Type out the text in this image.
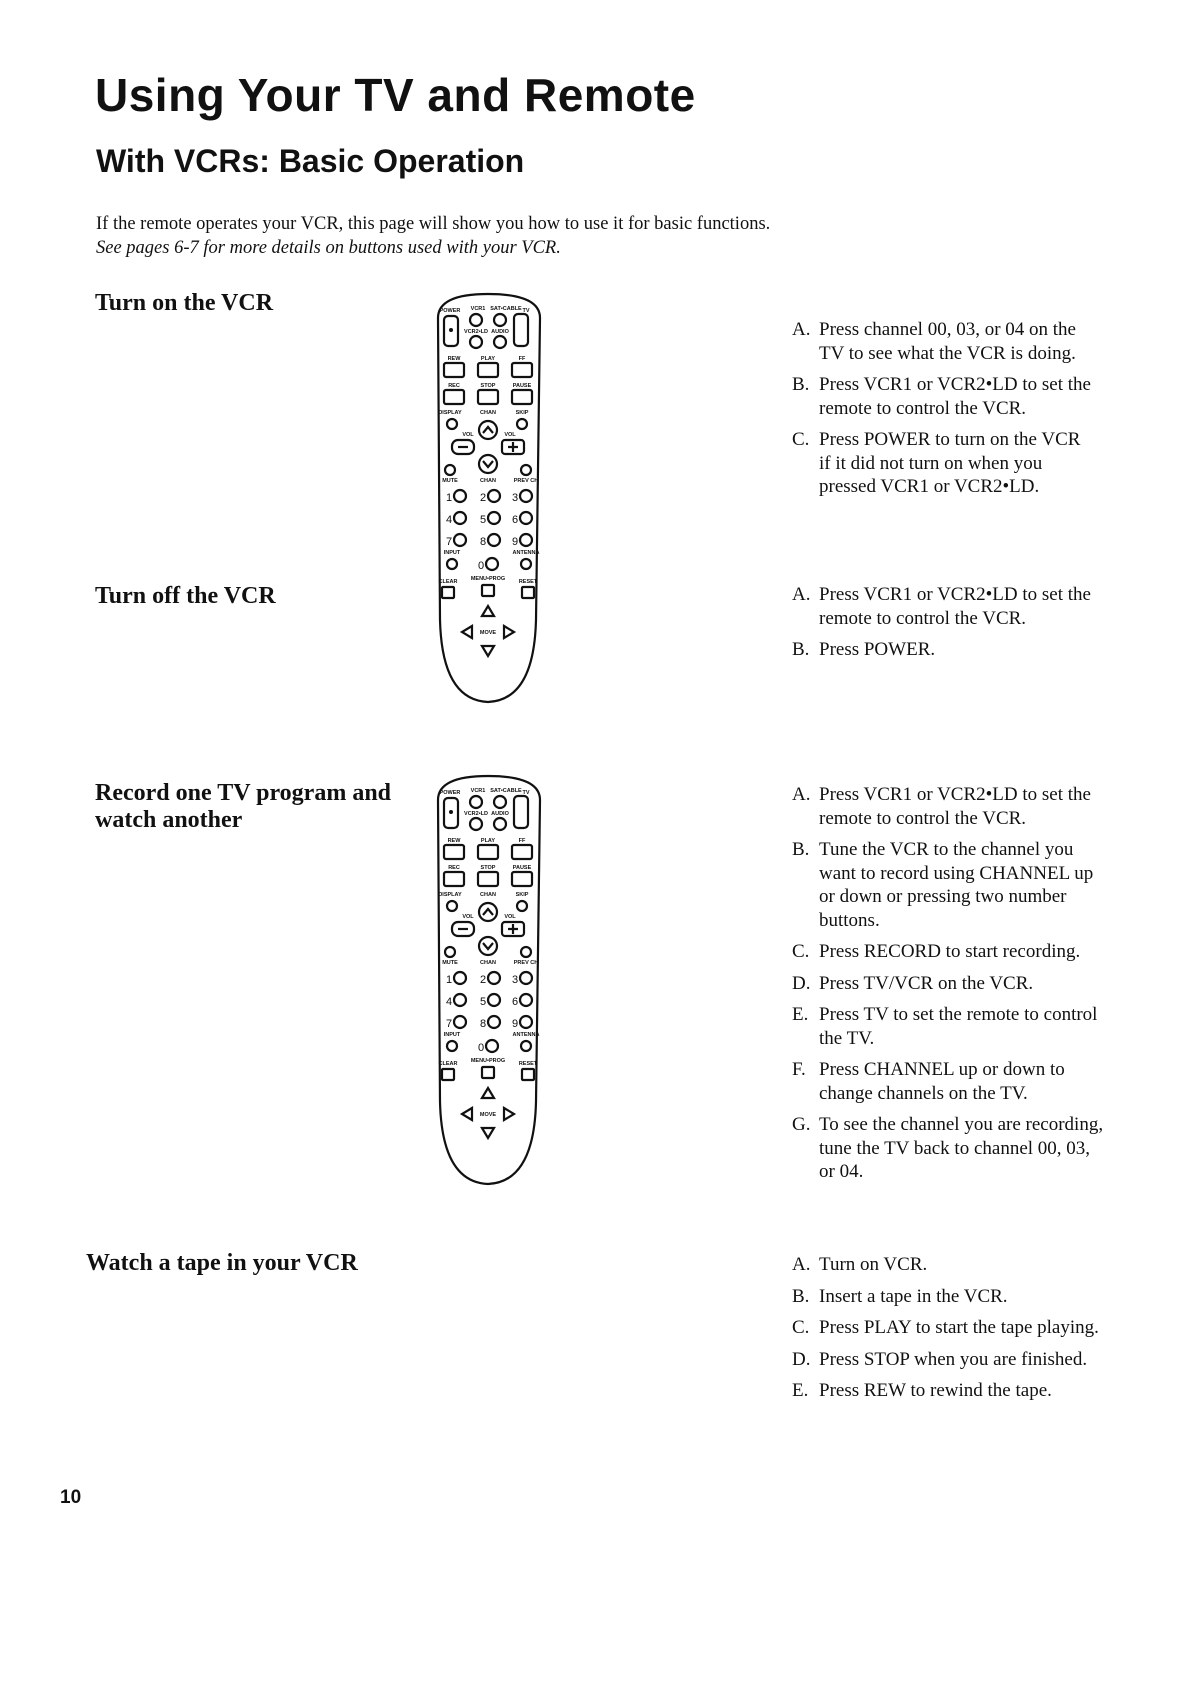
Using Your TV and Remote
With VCRs: Basic Operation
If the remote operates your VCR, this page will show you how to use it for basic functions. See pages 6-7 for more details on buttons used with your VCR.
Turn on the VCR
A. Press channel 00, 03, or 04 on the TV to see what the VCR is doing.
B. Press VCR1 or VCR2•LD to set the remote to control the VCR.
C. Press POWER to turn on the VCR if it did not turn on when you pressed VCR1 or VCR2•LD.
Turn off the VCR	A. Press VCR1 or VCR2•LD to set the remote to control the VCR.
B. Press POWER.
Record one TV program and watch another
A. Press VCR1 or VCR2•LD to set the remote to control the VCR.
B. Tune the VCR to the channel you want to record using CHANNEL up or down or pressing two number buttons.
C. Press RECORD to start recording.
D. Press TV/VCR on the VCR.
E. Press TV to set the remote to control the TV.
F. Press CHANNEL up or down to change channels on the TV.
G. To see the channel you are recording, tune the TV back to channel 00, 03, or 04.
Watch a tape in your VCR	A. Turn on VCR.
B. Insert a tape in the VCR.
C. Press PLAY to start the tape playing.
D. Press STOP when you are finished.
E. Press REW to rewind the tape.
POWER VCR1 SAT•CABLE TV
VCR2•LD AUDIO
REW	PLAY	FF
REC	STOP	PAUSE
DISPLAY	CHAN	SKIP
VOL	VOL
MUTE	CHAN	PREV CH
1	2 3
4	5 6
7	8 9
INPUT	ANTENNA
0
CLEAR MENU•PROG RESET
MOVE
POWER VCR1 SAT•CABLE TV
VCR2•LD AUDIO
REW	PLAY	FF
REC	STOP	PAUSE
DISPLAY	CHAN	SKIP
VOL	VOL
MUTE	CHAN	PREV CH
1	2 3
4	5 6
7	8 9
INPUT	ANTENNA
0
CLEAR MENU•PROG RESET
MOVE
10
